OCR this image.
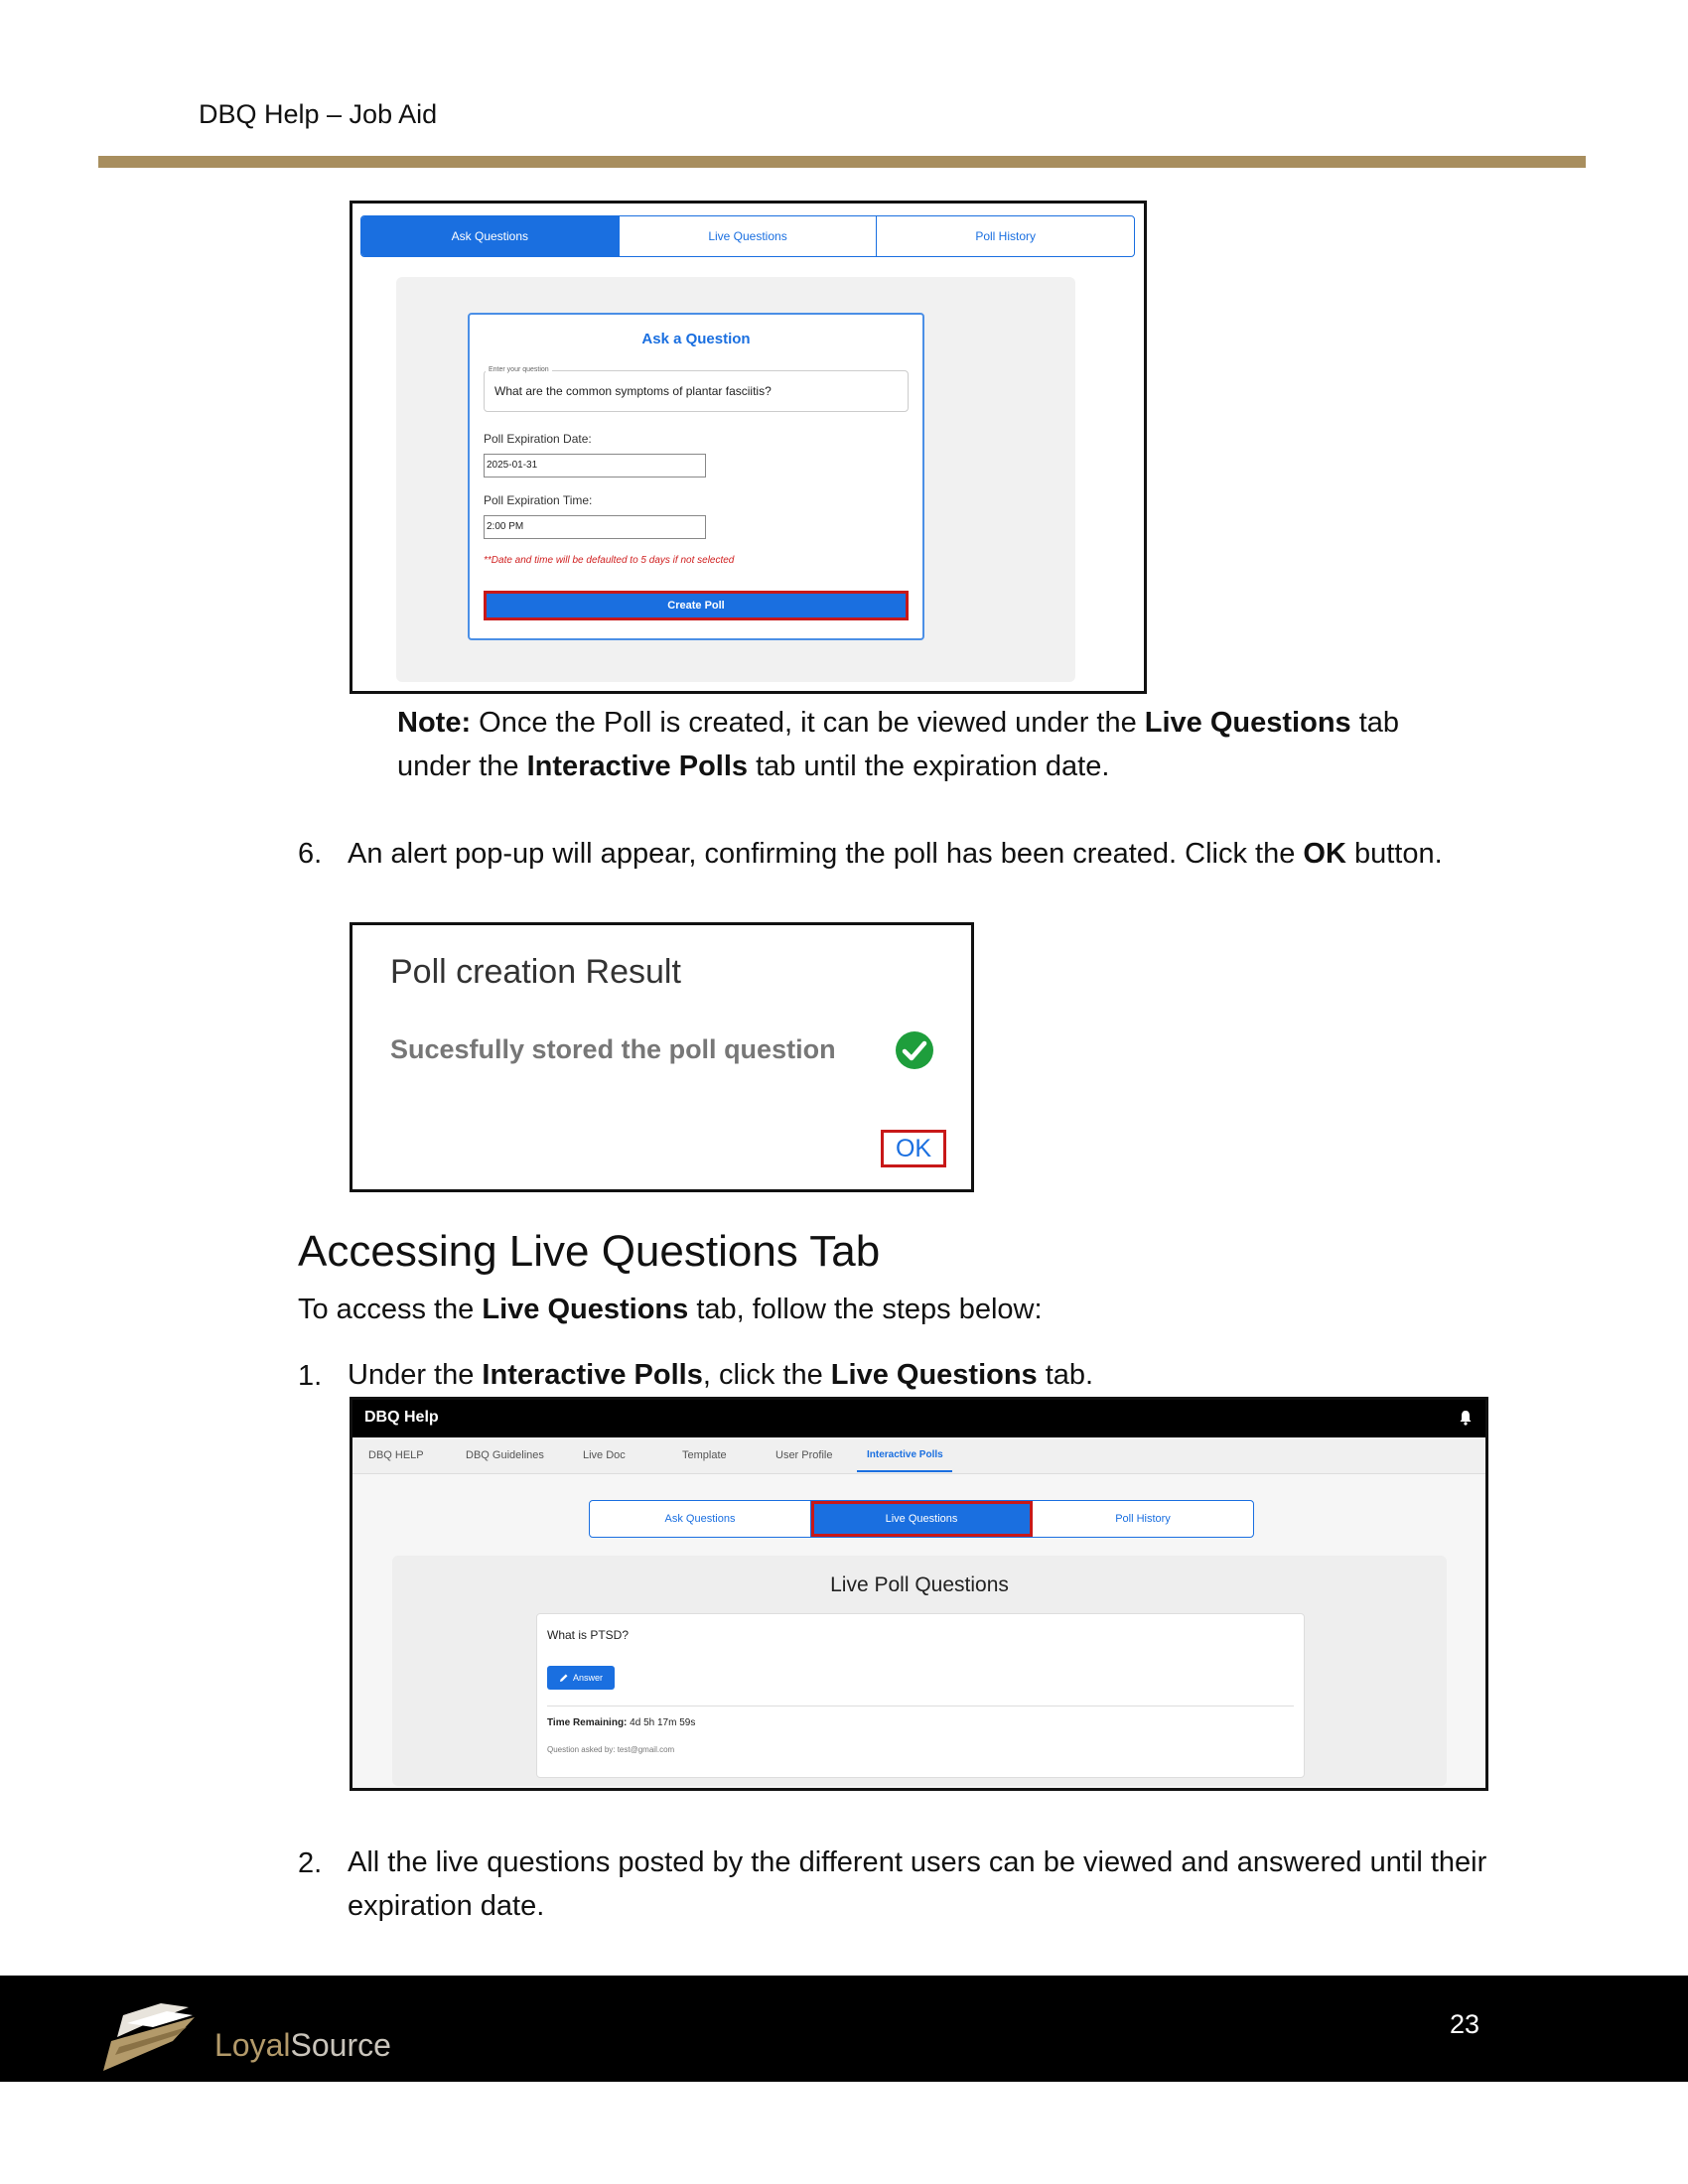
DBQ Help – Job Aid
Ask Questions	Live Questions	Poll History
Ask a Question
Enter your question
What are the common symptoms of plantar fasciitis?
Poll Expiration Date:
2025-01-31
Poll Expiration Time:
2:00 PM
**Date and time will be defaulted to 5 days if not selected
Create Poll
Note: Once the Poll is created, it can be viewed under the Live Questions tab under the Interactive Polls tab until the expiration date.
6. An alert pop-up will appear, confirming the poll has been created. Click the OK button.
Poll creation Result
Sucesfully stored the poll question
OK
Accessing Live Questions Tab
To access the Live Questions tab, follow the steps below:
1. Under the Interactive Polls, click the Live Questions tab.
DBQ Help
DBQ HELP	DBQ Guidelines	Live Doc	Template	User Profile	Interactive Polls
Ask Questions	Live Questions	Poll History
Live Poll Questions
What is PTSD?
Answer
Time Remaining: 4d 5h 17m 59s
Question asked by: test@gmail.com
2. All the live questions posted by the different users can be viewed and answered until their expiration date.
LoyalSource
23
